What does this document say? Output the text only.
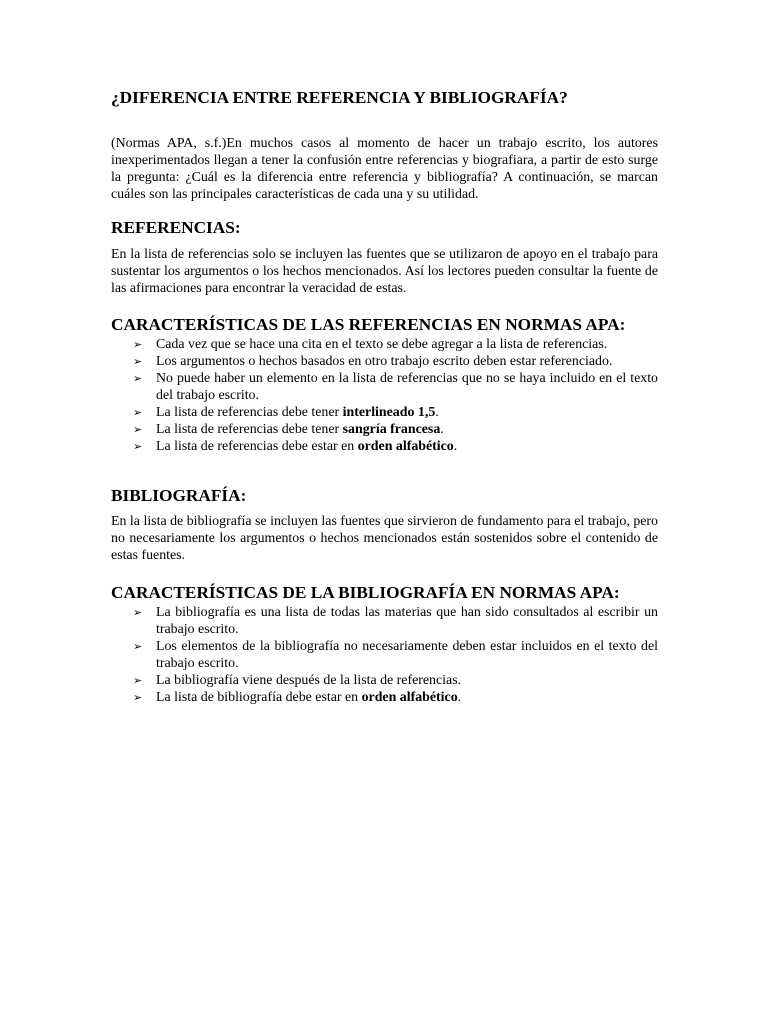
¿DIFERENCIA ENTRE REFERENCIA Y BIBLIOGRAFÍA?

(Normas APA, s.f.)En muchos casos al momento de hacer un trabajo escrito, los autores inexperimentados llegan a tener la confusión entre referencias y biografiara, a partir de esto surge la pregunta: ¿Cuál es la diferencia entre referencia y bibliografía? A continuación, se marcan cuáles son las principales características de cada una y su utilidad.

REFERENCIAS:

En la lista de referencias solo se incluyen las fuentes que se utilizaron de apoyo en el trabajo para sustentar los argumentos o los hechos mencionados. Así los lectores pueden consultar la fuente de las afirmaciones para encontrar la veracidad de estas.

CARACTERÍSTICAS DE LAS REFERENCIAS EN NORMAS APA:
➢ Cada vez que se hace una cita en el texto se debe agregar a la lista de referencias.
➢ Los argumentos o hechos basados en otro trabajo escrito deben estar referenciado.
➢ No puede haber un elemento en la lista de referencias que no se haya incluido en el texto del trabajo escrito.
➢ La lista de referencias debe tener interlineado 1,5.
➢ La lista de referencias debe tener sangría francesa.
➢ La lista de referencias debe estar en orden alfabético.
BIBLIOGRAFÍA:

En la lista de bibliografía se incluyen las fuentes que sirvieron de fundamento para el trabajo, pero no necesariamente los argumentos o hechos mencionados están sostenidos sobre el contenido de estas fuentes.

CARACTERÍSTICAS DE LA BIBLIOGRAFÍA EN NORMAS APA:
➢ La bibliografía es una lista de todas las materias que han sido consultados al escribir un trabajo escrito.
➢ Los elementos de la bibliografía no necesariamente deben estar incluidos en el texto del trabajo escrito.
➢ La bibliografía viene después de la lista de referencias.
➢ La lista de bibliografía debe estar en orden alfabético.
